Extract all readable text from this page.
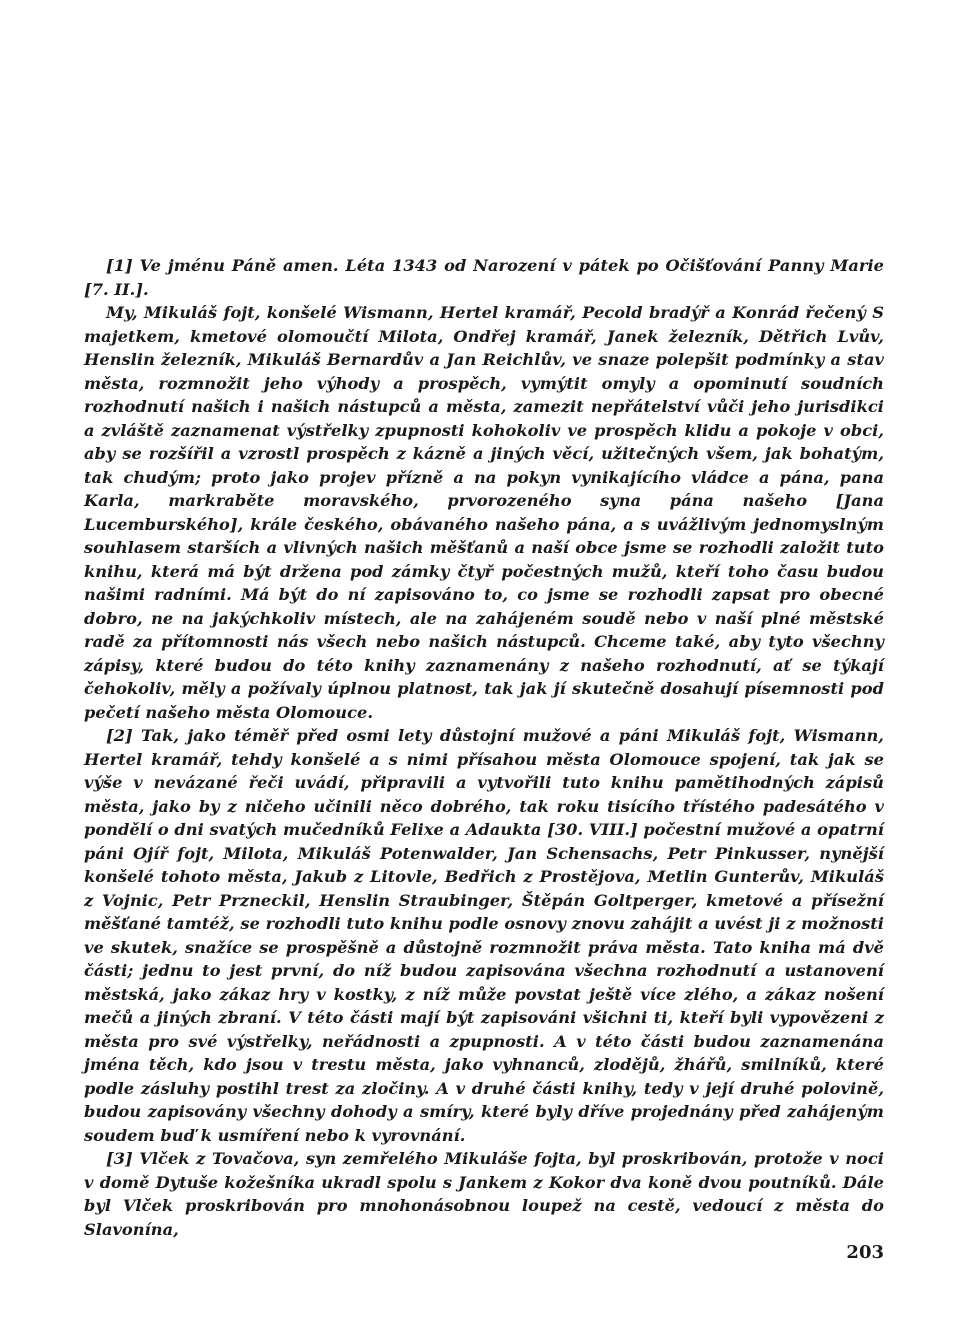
[1] Ve jménu Páně amen. Léta 1343 od Narození v pátek po Očišťování Panny Marie [7. II.].

My, Mikuláš fojt, konšelé Wismann, Hertel kramář, Pecold bradýř a Konrád řečený S majetkem, kmetové olomoučtí Milota, Ondřej kramář, Janek železník, Dětřich Lvův, Henslin železník, Mikuláš Bernardův a Jan Reichlův, ve snaze polepšit podmínky a stav města, rozmnožit jeho výhody a prospěch, vymýtit omyly a opominutí soudních rozhodnutí našich i našich nástupců a města, zamezit nepřátelství vůči jeho jurisdikci a zvláště zaznamenat výstřelky zpupnosti kohokoliv ve prospěch klidu a pokoje v obci, aby se rozšířil a vzrostl prospěch z kázně a jiných věcí, užitečných všem, jak bohatým, tak chudým; proto jako projev přízně a na pokyn vynikajícího vládce a pána, pana Karla, markraběte moravského, prvorozeného syna pána našeho [Jana Lucemburského], krále českého, obávaného našeho pána, a s uvážlivým jednomyslným souhlasem starších a vlivných našich měšťanů a naší obce jsme se rozhodli založit tuto knihu, která má být držena pod zámky čtyř počestných mužů, kteří toho času budou našimi radními. Má být do ní zapisováno to, co jsme se rozhodli zapsat pro obecné dobro, ne na jakýchkoliv místech, ale na zahájeném soudě nebo v naší plné městské radě za přítomnosti nás všech nebo našich nástupců. Chceme také, aby tyto všechny zápisy, které budou do této knihy zaznamenány z našeho rozhodnutí, ať se týkají čehokoliv, měly a požívaly úplnou platnost, tak jak jí skutečně dosahují písemnosti pod pečetí našeho města Olomouce.

[2] Tak, jako téměř před osmi lety důstojní mužové a páni Mikuláš fojt, Wismann, Hertel kramář, tehdy konšelé a s nimi přísahou města Olomouce spojení, tak jak se výše v nevázané řeči uvádí, připravili a vytvořili tuto knihu pamětihodných zápisů města, jako by z ničeho učinili něco dobrého, tak roku tisícího třístého padesátého v pondělí o dni svatých mučedníků Felixe a Adaukta [30. VIII.] počestní mužové a opatrní páni Ojíř fojt, Milota, Mikuláš Potenwalder, Jan Schensachs, Petr Pinkusser, nynější konšelé tohoto města, Jakub z Litovle, Bedřich z Prostějova, Metlin Gunterův, Mikuláš z Vojnic, Petr Przneckil, Henslin Straubinger, Štěpán Goltperger, kmetové a přísežní měšťané tamtéž, se rozhodli tuto knihu podle osnovy znovu zahájit a uvést ji z možnosti ve skutek, snažíce se prospěšně a důstojně rozmnožit práva města. Tato kniha má dvě části; jednu to jest první, do níž budou zapisována všechna rozhodnutí a ustanovení městská, jako zákaz hry v kostky, z níž může povstat ještě více zlého, a zákaz nošení mečů a jiných zbraní. V této části mají být zapisováni všichni ti, kteří byli vypovězeni z města pro své výstřelky, neřádnosti a zpupnosti. A v této části budou zaznamenána jména těch, kdo jsou v trestu města, jako vyhnanců, zlodějů, žhářů, smilníků, které podle zásluhy postihl trest za zločiny. A v druhé části knihy, tedy v její druhé polovině, budou zapisovány všechny dohody a smíry, které byly dříve projednány před zahájeným soudem buď k usmíření nebo k vyrovnání.

[3] Vlček z Tovačova, syn zemřelého Mikuláše fojta, byl proskribován, protože v noci v domě Dytuše kožešníka ukradl spolu s Jankem z Kokor dva koně dvou poutníků. Dále byl Vlček proskribován pro mnohonásobnou loupež na cestě, vedoucí z města do Slavonína,

203
